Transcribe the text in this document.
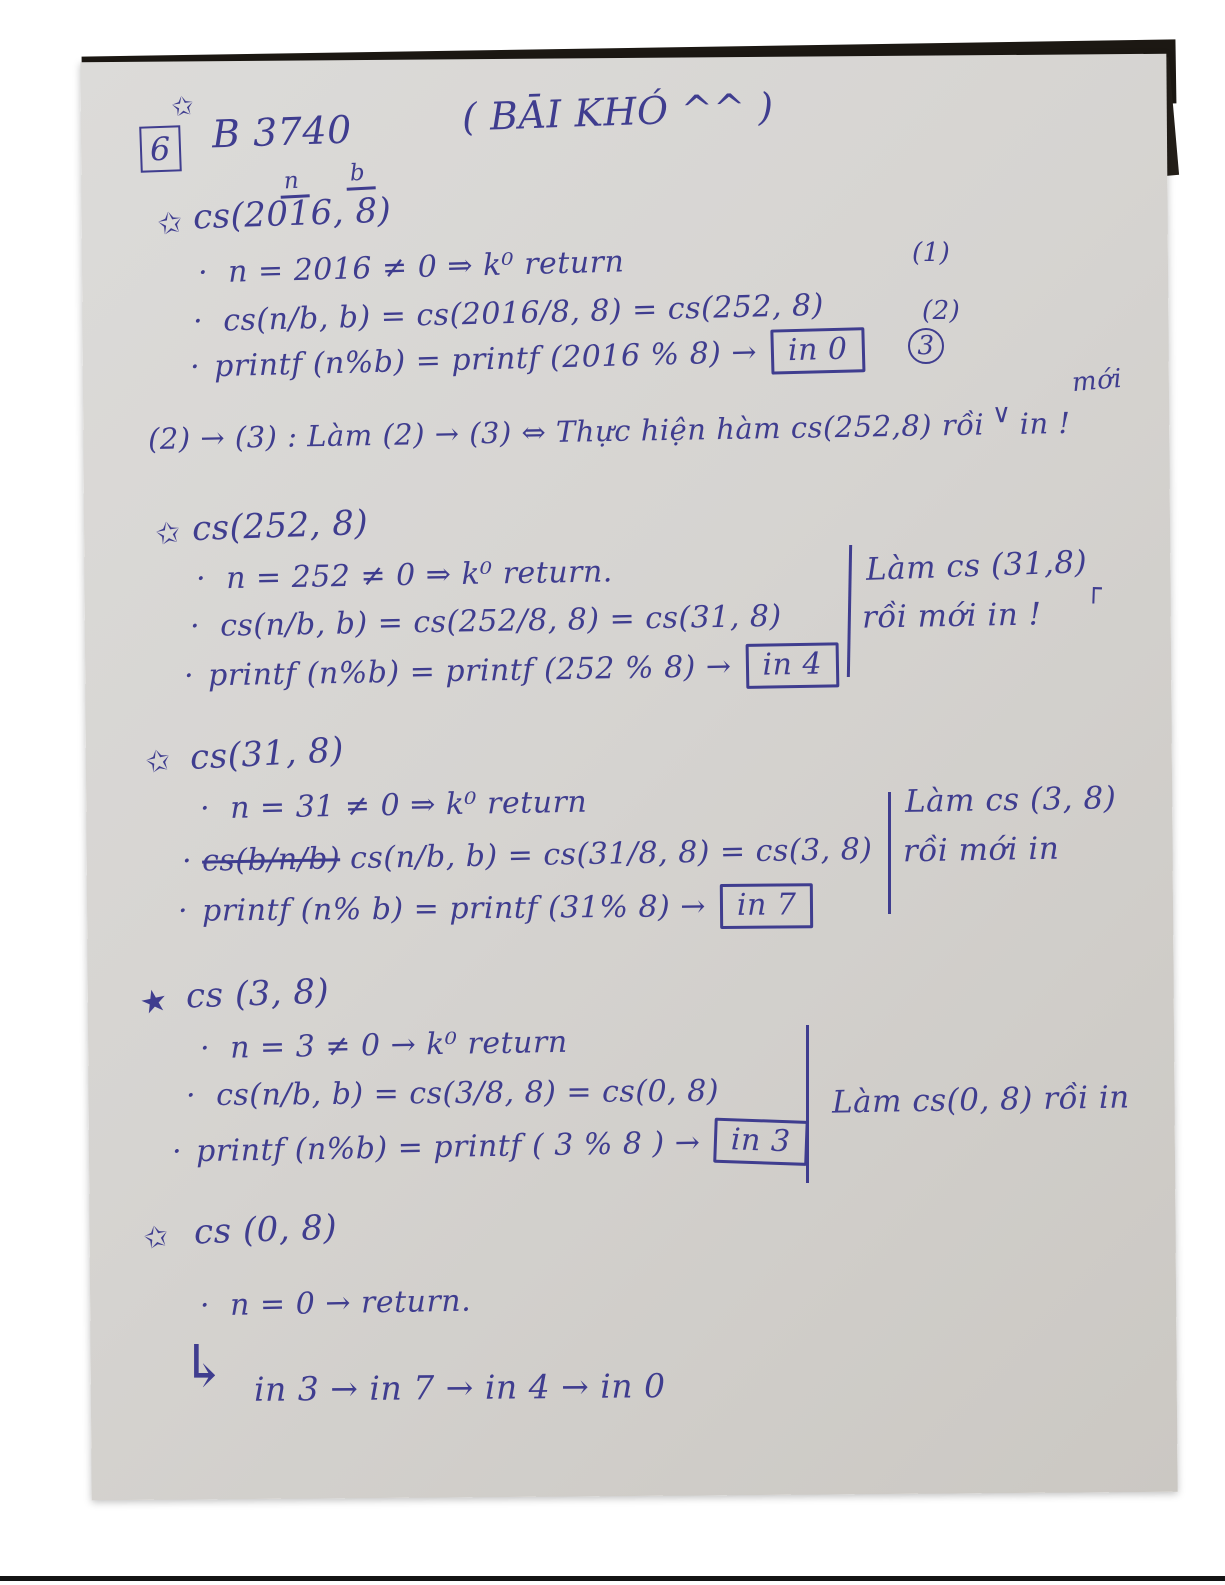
✩
6 B 3740	( BĀI KHÓ ^^ )
n	b
✩ cs(2016, 8)
· n = 2016 ≠ 0 ⇒ k⁰ return	(1)
· cs(n/b, b) = cs(2016/8, 8) = cs(252, 8)	(2)
· printf (n%b) = printf (2016 % 8) →	in 0	3
mới
(2) → (3) : Làm (2) → (3) ⇔ Thực hiện hàm cs(252,8) rồi ∨ in !
✩ cs(252, 8)
· n = 252 ≠ 0 ⇒ k⁰ return.
· cs(n/b, b) = cs(252/8, 8) = cs(31, 8)
· printf (n%b) = printf (252 % 8) →	in 4
Làm cs (31,8)
rồi mới in !
┌
✩ cs(31, 8)
· n = 31 ≠ 0 ⇒ k⁰ return
· cs(b/n/b) cs(n/b, b) = cs(31/8, 8) = cs(3, 8)
· printf (n% b) = printf (31% 8) →	in 7
Làm cs (3, 8)
rồi mới in
★ cs (3, 8)
· n = 3 ≠ 0 → k⁰ return
· cs(n/b, b) = cs(3/8, 8) = cs(0, 8)
· printf (n%b) = printf ( 3 % 8 ) →	in 3
Làm cs(0, 8) rồi in
✩ cs (0, 8)
· n = 0 → return.
↳ in 3 → in 7 → in 4 → in 0
